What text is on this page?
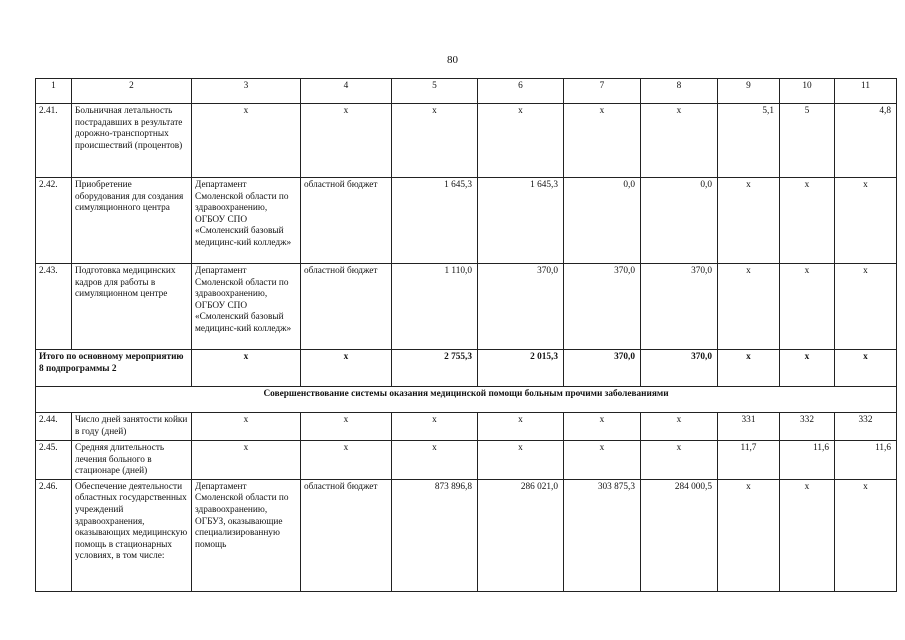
80
1	2	3	4	5	6	7	8	9	10	11
2.41.	Больничная летальность пострадавших в результате дорожно-транспортных происшествий (процентов)	х	х	х	х	х	х	5,1	5	4,8
2.42.	Приобретение оборудования для создания симуляционного центра	Департамент Смоленской области по здравоохранению, ОГБОУ СПО «Смоленский базовый медицинс-кий колледж»	областной бюджет	1 645,3	1 645,3	0,0	0,0	х	х	х
2.43.	Подготовка медицинских кадров для работы в симуляционном центре	Департамент Смоленской области по здравоохранению, ОГБОУ СПО «Смоленский базовый медицинс-кий колледж»	областной бюджет	1 110,0	370,0	370,0	370,0	х	х	х
Итого по основному мероприятию 8 подпрограммы 2		х	х	2 755,3	2 015,3	370,0	370,0	х	х	х
Совершенствование системы оказания медицинской помощи больным прочими заболеваниями										
2.44.	Число дней занятости койки в году (дней)	х	х	х	х	х	х	331	332	332
2.45.	Средняя длительность лечения больного в стационаре (дней)	х	х	х	х	х	х	11,7	11,6	11,6
2.46.	Обеспечение деятельности областных государственных учреждений здравоохранения, оказывающих медицинскую помощь в стационарных условиях, в том числе:	Департамент Смоленской области по здравоохранению, ОГБУЗ, оказывающие специализированную помощь	областной бюджет	873 896,8	286 021,0	303 875,3	284 000,5	х	х	х
